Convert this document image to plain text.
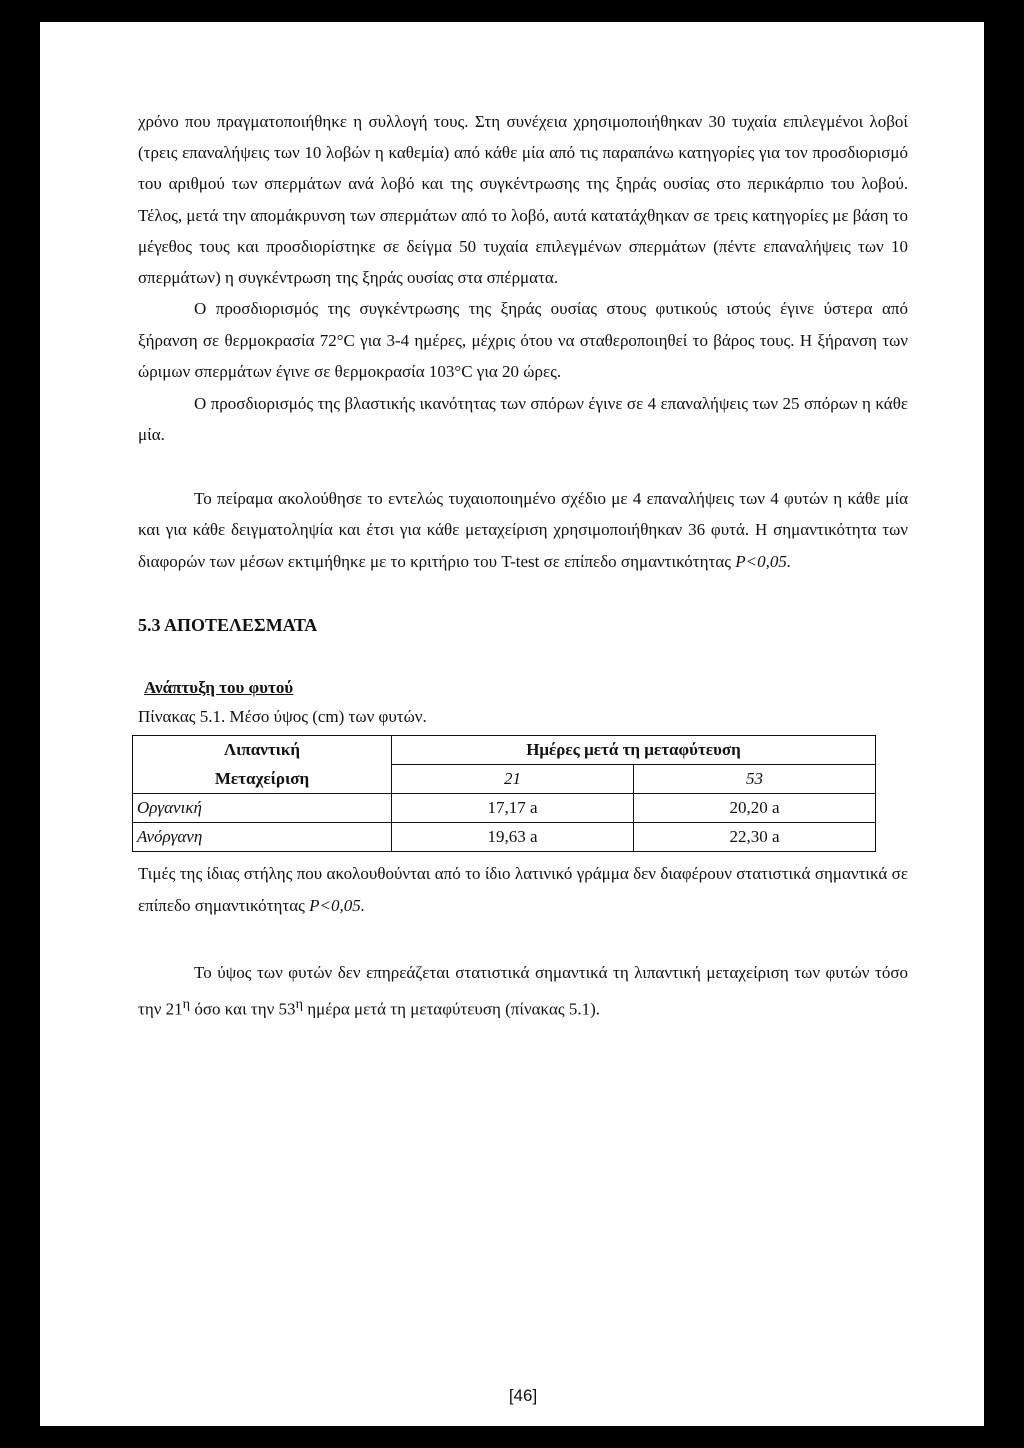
χρόνο που πραγματοποιήθηκε η συλλογή τους. Στη συνέχεια χρησιμοποιήθηκαν 30 τυχαία επιλεγμένοι λοβοί (τρεις επαναλήψεις των 10 λοβών η καθεμία) από κάθε μία από τις παραπάνω κατηγορίες για τον προσδιορισμό του αριθμού των σπερμάτων ανά λοβό και της συγκέντρωσης της ξηράς ουσίας στο περικάρπιο του λοβού. Τέλος, μετά την απομάκρυνση των σπερμάτων από το λοβό, αυτά κατατάχθηκαν σε τρεις κατηγορίες με βάση το μέγεθος τους και προσδιορίστηκε σε δείγμα 50 τυχαία επιλεγμένων σπερμάτων (πέντε επαναλήψεις των 10 σπερμάτων) η συγκέντρωση της ξηράς ουσίας στα σπέρματα.

Ο προσδιορισμός της συγκέντρωσης της ξηράς ουσίας στους φυτικούς ιστούς έγινε ύστερα από ξήρανση σε θερμοκρασία 72°C για 3-4 ημέρες, μέχρις ότου να σταθεροποιηθεί το βάρος τους. Η ξήρανση των ώριμων σπερμάτων έγινε σε θερμοκρασία 103°C για 20 ώρες.

Ο προσδιορισμός της βλαστικής ικανότητας των σπόρων έγινε σε 4 επαναλήψεις των 25 σπόρων η κάθε μία.

Το πείραμα ακολούθησε το εντελώς τυχαιοποιημένο σχέδιο με 4 επαναλήψεις των 4 φυτών η κάθε μία και για κάθε δειγματοληψία και έτσι για κάθε μεταχείριση χρησιμοποιήθηκαν 36 φυτά. Η σημαντικότητα των διαφορών των μέσων εκτιμήθηκε με το κριτήριο του T-test σε επίπεδο σημαντικότητας P<0,05.

5.3 ΑΠΟΤΕΛΕΣΜΑΤΑ
Ανάπτυξη του φυτού
Πίνακας 5.1. Μέσο ύψος (cm) των φυτών.
Λιπαντική	Ημέρες μετά τη μεταφύτευση	
Μεταχείριση	21	53
Οργανική	17,17 a	20,20 a
Ανόργανη	19,63 a	22,30 a

Τιμές της ίδιας στήλης που ακολουθούνται από το ίδιο λατινικό γράμμα δεν διαφέρουν στατιστικά σημαντικά σε επίπεδο σημαντικότητας P<0,05.

Το ύψος των φυτών δεν επηρεάζεται στατιστικά σημαντικά τη λιπαντική μεταχείριση των φυτών τόσο την $21^\eta$ όσο και την $53^\eta$ ημέρα μετά τη μεταφύτευση (πίνακας 5.1).

[46]
